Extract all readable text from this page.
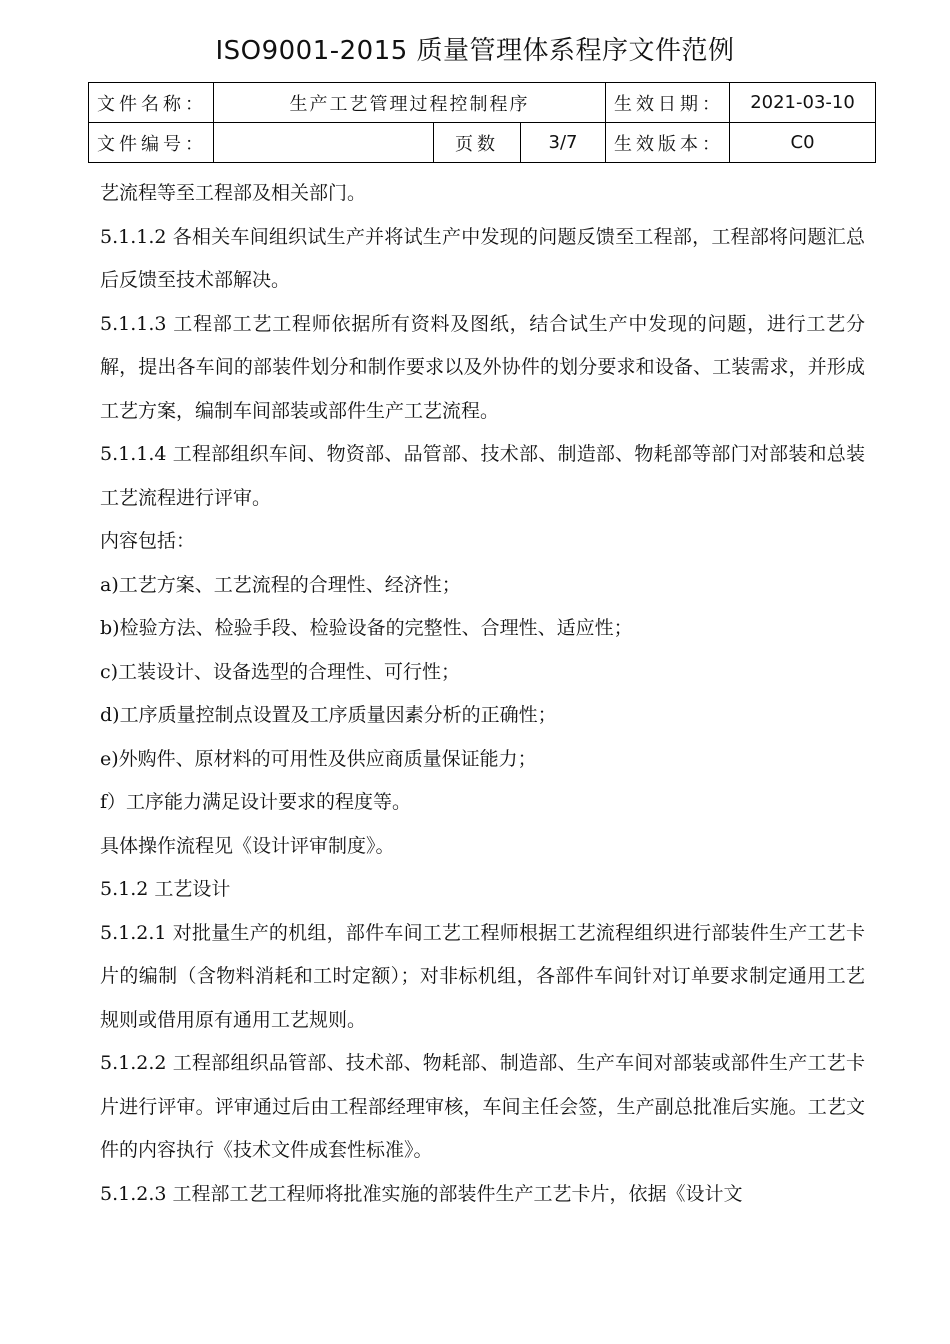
ISO9001-2015 质量管理体系程序文件范例
文件名称：	生产工艺管理过程控制程序			生效日期：	2021-03-10
文件编号：		页数	3/7	生效版本：	C0

艺流程等至工程部及相关部门。

5.1.1.2 各相关车间组织试生产并将试生产中发现的问题反馈至工程部，工程部将问题汇总后反馈至技术部解决。

5.1.1.3 工程部工艺工程师依据所有资料及图纸，结合试生产中发现的问题，进行工艺分解，提出各车间的部装件划分和制作要求以及外协件的划分要求和设备、工装需求，并形成工艺方案，编制车间部装或部件生产工艺流程。

5.1.1.4 工程部组织车间、物资部、品管部、技术部、制造部、物耗部等部门对部装和总装工艺流程进行评审。

内容包括：

a)工艺方案、工艺流程的合理性、经济性；

b)检验方法、检验手段、检验设备的完整性、合理性、适应性；

c)工装设计、设备选型的合理性、可行性；

d)工序质量控制点设置及工序质量因素分析的正确性；

e)外购件、原材料的可用性及供应商质量保证能力；

f）工序能力满足设计要求的程度等。

具体操作流程见《设计评审制度》。

5.1.2 工艺设计

5.1.2.1 对批量生产的机组，部件车间工艺工程师根据工艺流程组织进行部装件生产工艺卡片的编制（含物料消耗和工时定额）；对非标机组，各部件车间针对订单要求制定通用工艺规则或借用原有通用工艺规则。

5.1.2.2 工程部组织品管部、技术部、物耗部、制造部、生产车间对部装或部件生产工艺卡片进行评审。评审通过后由工程部经理审核，车间主任会签，生产副总批准后实施。工艺文件的内容执行《技术文件成套性标准》。

5.1.2.3 工程部工艺工程师将批准实施的部装件生产工艺卡片，依据《设计文
